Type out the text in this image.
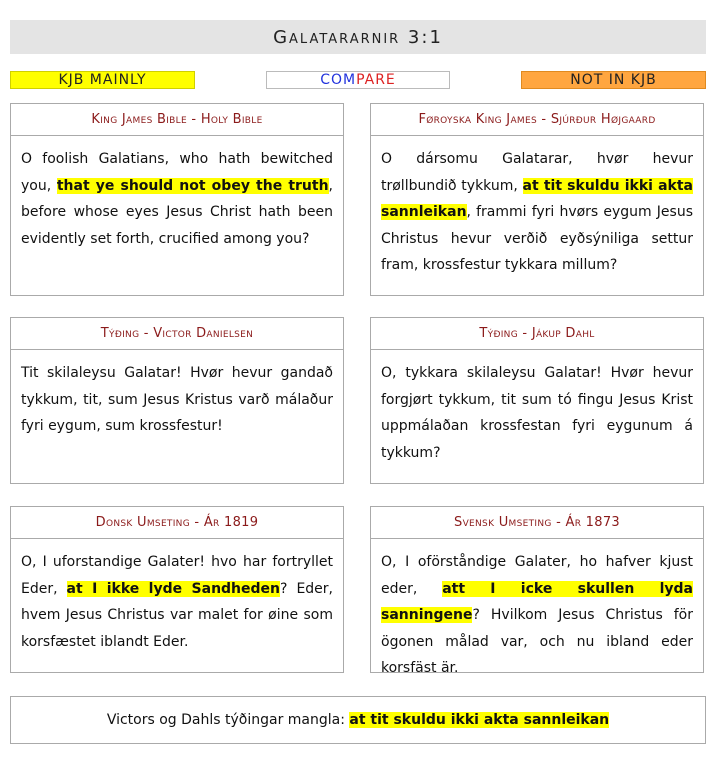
Galatararnir 3:1
KJB MAINLY	COM PARE	NOT IN KJB
King James Bible - Holy Bible
O foolish Galatians, who hath bewitched you, that ye should not obey the truth, before whose eyes Jesus Christ hath been evidently set forth, crucified among you?
Føroyska King James - Sjúrður Højgaard
O dársomu Galatarar, hvør hevur trøllbundið tykkum, at tit skuldu ikki akta sannleikan, frammi fyri hvørs eygum Jesus Christus hevur verðið eyðsýniliga settur fram, krossfestur tykkara millum?
Týðing - Victor Danielsen
Tit skilaleysu Galatar! Hvør hevur gandað tykkum, tit, sum Jesus Kristus varð málaður fyri eygum, sum krossfestur!
Týðing - Jákup Dahl
O, tykkara skilaleysu Galatar! Hvør hevur forgjørt tykkum, tit sum tó fingu Jesus Krist uppmálaðan krossfestan fyri eygunum á tykkum?
Donsk Umseting - Ár 1819
O, I uforstandige Galater! hvo har fortryllet Eder, at I ikke lyde Sandheden? Eder, hvem Jesus Christus var malet for øine som korsfæstet iblandt Eder.
Svensk Umseting - Ár 1873
O, I oförståndige Galater, ho hafver kjust eder, att I icke skullen lyda sanningene? Hvilkom Jesus Christus för ögonen målad var, och nu ibland eder korsfäst är.
Victors og Dahls týðingar mangla: at tit skuldu ikki akta sannleikan
